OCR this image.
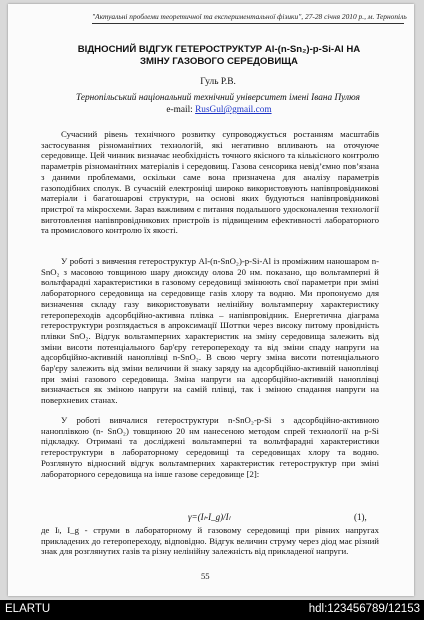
"Актуальні проблеми теоретичної та експериментальної фізики", 27-28 січня 2010 р., м. Тернопіль
ВІДНОСНИЙ ВІДГУК ГЕТЕРОСТРУКТУР Al-(n-Sn₂)-p-Si-Al НА ЗМІНУ ГАЗОВОГО СЕРЕДОВИЩА
Гуль Р.В.
Тернопільський національний технічний університет імені Івана Пулюя
e-mail: RusGul@gmail.com

Сучасний рівень технічного розвитку супроводжується ростанням масштабів застосування різноманітних технологій, які негативно впливають на оточуюче середовище. Цей чинник визначає необхідність точного якісного та кількісного контролю параметрів різноманітних матеріалів і середовищ. Газова сенсорика невід’ємно пов’язана з даними проблемами, оскільки саме вона призначена для аналізу параметрів газоподібних сполук. В сучасній електроніці широко використовують напівпровідникові матеріали і багатошарові структури, на основі яких будуються напівпровідникові пристрої та мікросхеми. Зараз важливим є питання подальшого удосконалення технології виготовлення напівпровідникових пристроїв із підвищеним ефективності лабораторного та промислового контролю їх якості.

У роботі з вивчення гетероструктур Al-(n-SnO₂)-p-Si-Al із проміжним наношаром n-SnO₂ з масовою товщиною шару диоксиду олова 20 нм. показано, що вольтамперні й вольтфарадні характеристики в газовому середовищі змінюють свої параметри при зміні лабораторного середовища на середовище газів хлору та водню. Ми пропонуємо для визначення складу газу використовувати нелінійну вольтамперну характеристику гетеропереходів адсорбційно-активна плівка – напівпровідник. Енергетична діаграма гетероструктури розглядається в апроксимації Шоттки через високу питому провідність плівки SnO₂. Відгук вольтамперних характеристик на зміну середовища залежить від зміни висоти потенціального бар'єру гетеропереходу та від зміни спаду напруги на адсорбційно-активній наноплівці n-SnO₂. В свою чергу зміна висоти потенціального бар'єру залежить від зміни величини й знаку заряду на адсорбційно-активній наноплівці при зміні газового середовища. Зміна напруги на адсорбційно-активній наноплівці визначається як зміною напруги на самій плівці, так і зміною спадання напруги на поверхневих станах.

У роботі вивчалися гетероструктури n-SnO₂-p-Si з адсорбційно-активною наноплівкою (n- SnO₂) товщиною 20 нм нанесеною методом спрей технології на p-Si підкладку. Отримані та досліджені вольтамперні та вольтфарадні характеристики гетероструктури в лабораторному середовищі та середовищах хлору та водню. Розглянуто відносний відгук вольтамперних характеристик гетероструктур при зміні лабораторного середовища на інше газове середовище [2]:

γ=(Iₗ-I_g)/Iₗ	(1),

де Iₗ, I_g - струми в лабораторному й газовому середовищі при рівних напругах прикладених до гетеропереходу, відповідно. Відгук величин струму через діод має різний знак для розглянутих газів та різну нелінійну залежність від прикладеної напруги.

55
ELARTU	hdl:123456789/12153
